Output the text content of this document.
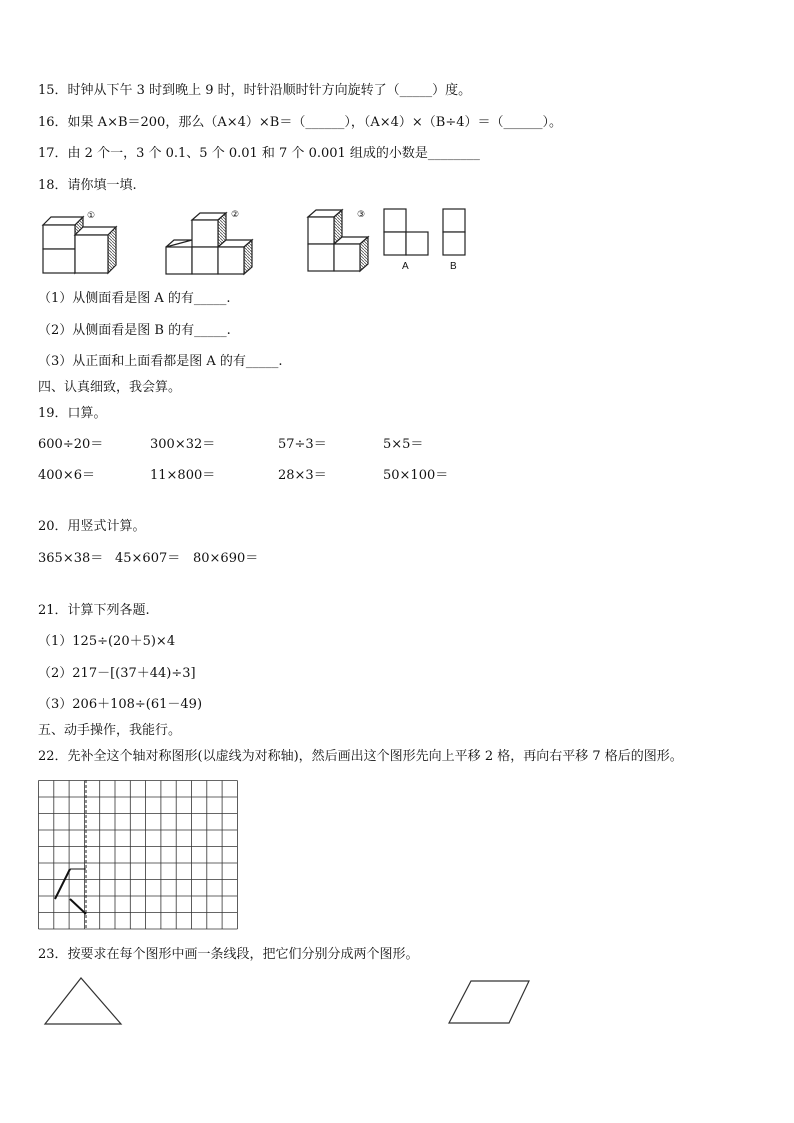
15．时钟从下午 3 时到晚上 9 时，时针沿顺时针方向旋转了（_____）度。
16．如果 A×B＝200，那么（A×4）×B＝（______），（A×4）×（B÷4）＝（______）。
17．由 2 个一，3 个 0.1、5 个 0.01 和 7 个 0.001 组成的小数是________
18．请你填一填.
①	②	③
A	B
（1）从侧面看是图 A 的有_____.
（2）从侧面看是图 B 的有_____.
（3）从正面和上面看都是图 A 的有_____.
四、认真细致，我会算。
19．口算。
600÷20＝	300×32＝	57÷3＝	5×5＝
400×6＝	11×800＝	28×3＝	50×100＝
20．用竖式计算。
365×38＝ 45×607＝ 80×690＝
21．计算下列各题.
（1）125÷(20＋5)×4
（2）217－[(37＋44)÷3]
（3）206＋108÷(61－49)
五、动手操作，我能行。
22．先补全这个轴对称图形(以虚线为对称轴)，然后画出这个图形先向上平移 2 格，再向右平移 7 格后的图形。
23．按要求在每个图形中画一条线段，把它们分别分成两个图形。
